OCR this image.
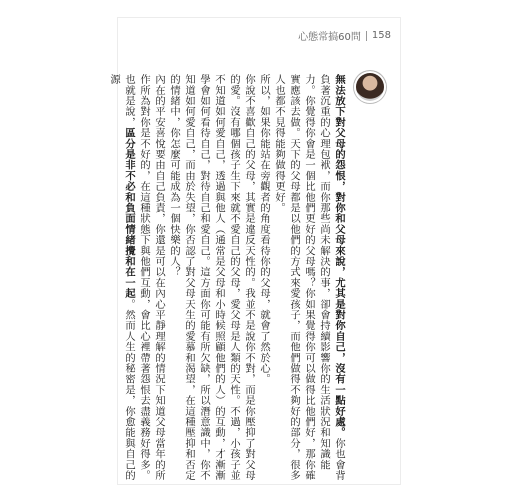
心態常搞60問 158

無法放下對父母的怨恨，對你和父母來說，尤其是對你自己，沒有一點好處。你也會背負著沉重的心理包袱，而你那些尚未解決的事，卻會持續影響你的生活狀況和知識能力。你覺得你會是一個比他們更好的父母嗎？你如果覺得你可以做得比他們好，那你確實應該去做。天下的父母都是以他們的方式來愛孩子，而他們做得不夠好的部分，很多人也都不見得能夠做得更好。

所以，如果你能站在旁觀者的角度看待你的父母，就會了然於心。

你說不喜歡自己的父母，其實是違反天性的。我並不是說你不對，而是你壓抑了對父母的愛。沒有哪個孩子生下來就不愛自己的父母，愛父母是人類的天性。不過，小孩子並不知道如何愛自己，透過與他人（通常是父母和小時候照顧他們的人）的互動，才漸漸學會如何看待自己，對待自己和愛自己。這方面你可能有所欠缺，所以潛意識中，你不知道如何愛自己，而由於失望，你否認了對父母天生的愛慕和渴望，在這種壓抑和否定的情緒中，你怎麼可能成為一個快樂的人？

內在的平安喜悅要由自己負責，你還是可以在內心平靜理解的情況下知道父母當年的所作所為對你是不好的，在這種狀態下與他們互動，會比心裡帶著怨恨去盡義務好得多。

也就是說，區分是非不必和負面情緒攪和在一起。然而人生的秘密是，你愈能與自己的源
